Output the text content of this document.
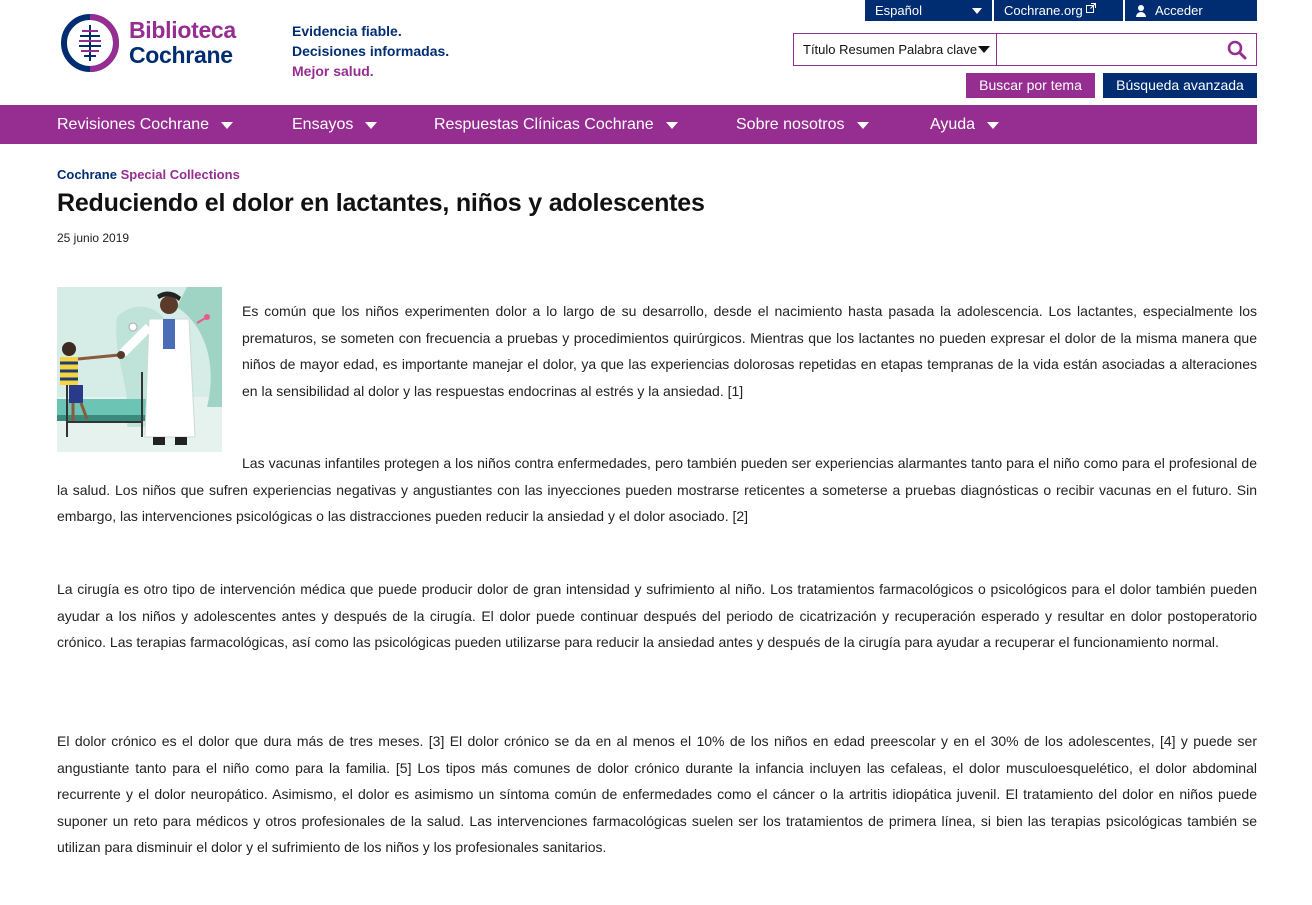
Español	Cochrane.org	Acceder
Biblioteca
Cochrane
Evidencia fiable.
Decisiones informadas.
Mejor salud.
Título Resumen Palabra clave
Buscar por tema	Búsqueda avanzada
Revisiones Cochrane	Ensayos	Respuestas Clínicas Cochrane	Sobre nosotros	Ayuda
Cochrane Special Collections
Reduciendo el dolor en lactantes, niños y adolescentes
25 junio 2019

Es común que los niños experimenten dolor a lo largo de su desarrollo, desde el nacimiento hasta pasada la adolescencia. Los lactantes, especialmente los prematuros, se someten con frecuencia a pruebas y procedimientos quirúrgicos. Mientras que los lactantes no pueden expresar el dolor de la misma manera que niños de mayor edad, es importante manejar el dolor, ya que las experiencias dolorosas repetidas en etapas tempranas de la vida están asociadas a alteraciones en la sensibilidad al dolor y las respuestas endocrinas al estrés y la ansiedad. [1]

Las vacunas infantiles protegen a los niños contra enfermedades, pero también pueden ser experiencias alarmantes tanto para el niño como para el profesional de la salud. Los niños que sufren experiencias negativas y angustiantes con las inyecciones pueden mostrarse reticentes a someterse a pruebas diagnósticas o recibir vacunas en el futuro. Sin embargo, las intervenciones psicológicas o las distracciones pueden reducir la ansiedad y el dolor asociado. [2]

La cirugía es otro tipo de intervención médica que puede producir dolor de gran intensidad y sufrimiento al niño. Los tratamientos farmacológicos o psicológicos para el dolor también pueden ayudar a los niños y adolescentes antes y después de la cirugía. El dolor puede continuar después del periodo de cicatrización y recuperación esperado y resultar en dolor postoperatorio crónico. Las terapias farmacológicas, así como las psicológicas pueden utilizarse para reducir la ansiedad antes y después de la cirugía para ayudar a recuperar el funcionamiento normal.

El dolor crónico es el dolor que dura más de tres meses. [3] El dolor crónico se da en al menos el 10% de los niños en edad preescolar y en el 30% de los adolescentes, [4] y puede ser angustiante tanto para el niño como para la familia. [5] Los tipos más comunes de dolor crónico durante la infancia incluyen las cefaleas, el dolor musculoesquelético, el dolor abdominal recurrente y el dolor neuropático. Asimismo, el dolor es asimismo un síntoma común de enfermedades como el cáncer o la artritis idiopática juvenil. El tratamiento del dolor en niños puede suponer un reto para médicos y otros profesionales de la salud. Las intervenciones farmacológicas suelen ser los tratamientos de primera línea, si bien las terapias psicológicas también se utilizan para disminuir el dolor y el sufrimiento de los niños y los profesionales sanitarios.
